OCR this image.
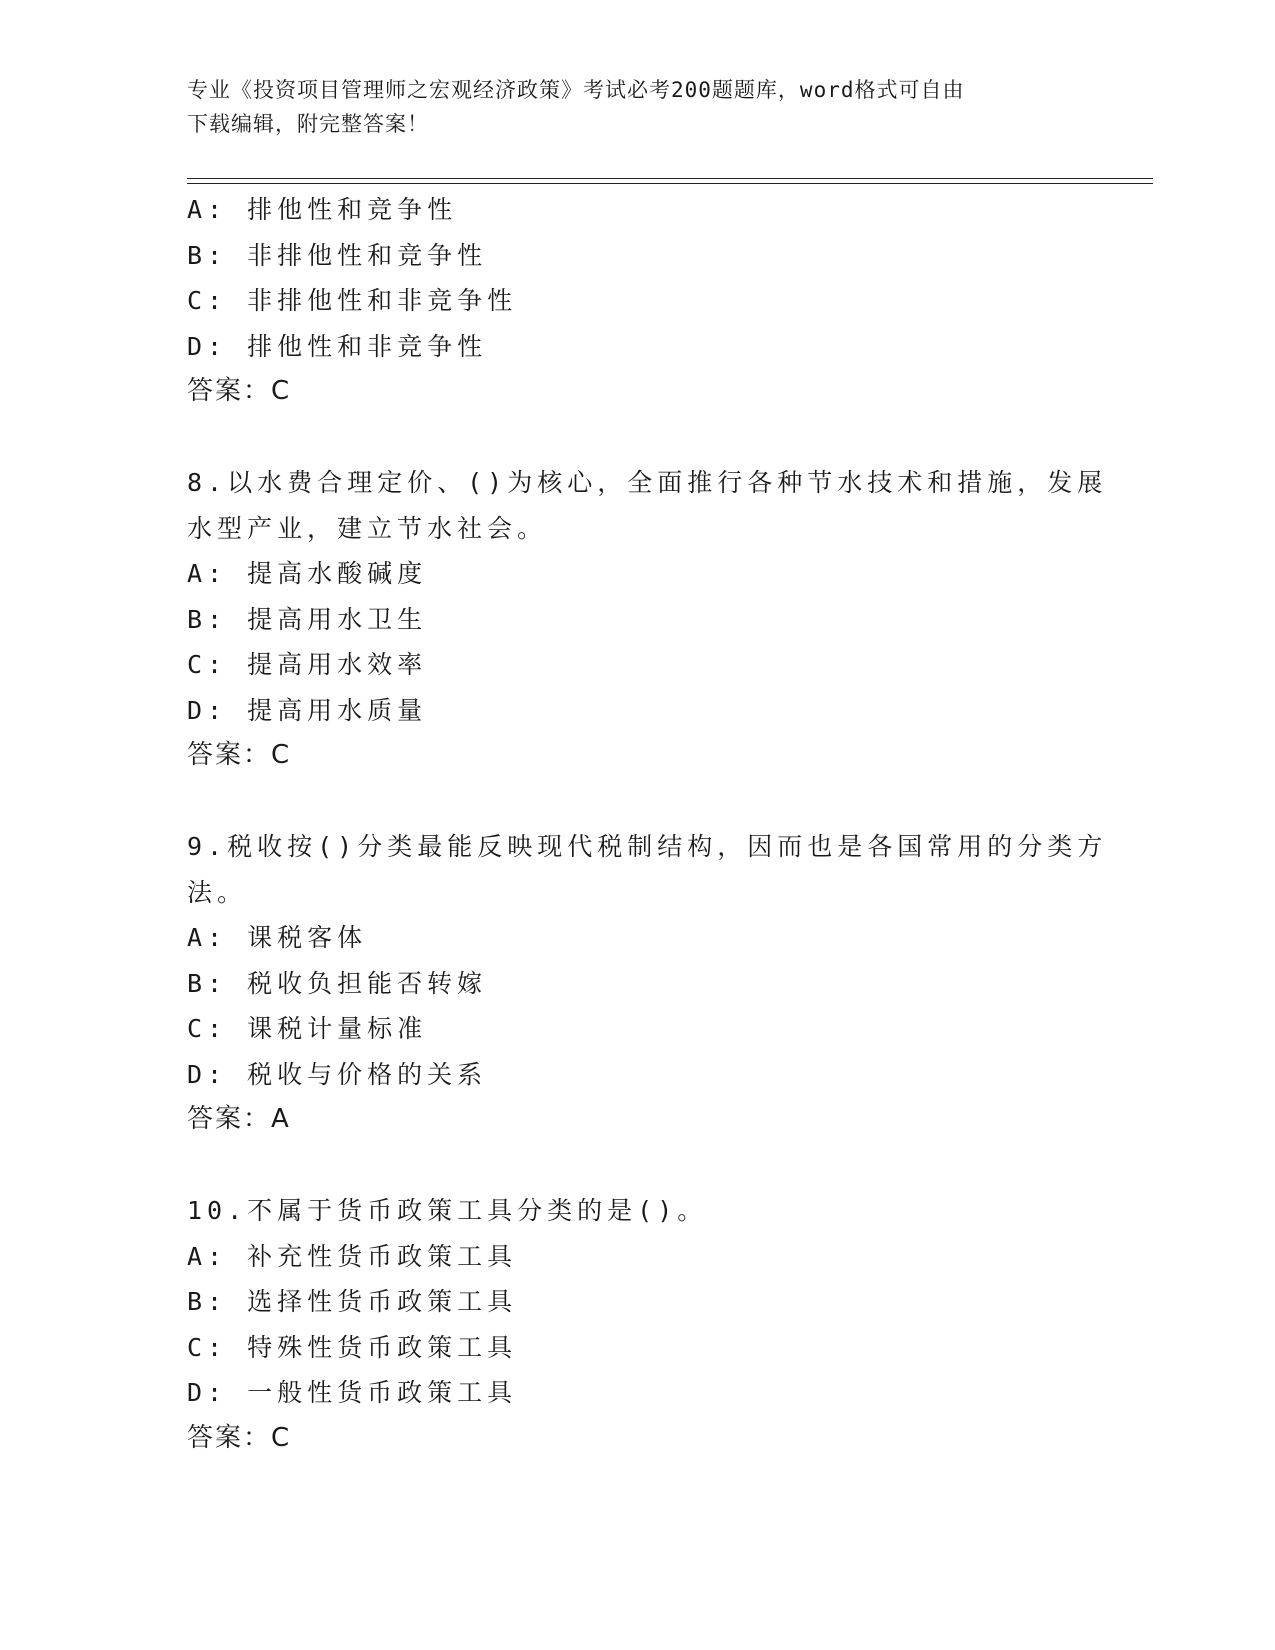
专业《投资项目管理师之宏观经济政策》考试必考200题题库，word格式可自由
下载编辑，附完整答案！
A: 排他性和竞争性
B: 非排他性和竞争性
C: 非排他性和非竞争性
D: 排他性和非竞争性
答案：C
8.以水费合理定价、()为核心，全面推行各种节水技术和措施，发展
水型产业，建立节水社会。
A: 提高水酸碱度
B: 提高用水卫生
C: 提高用水效率
D: 提高用水质量
答案：C
9.税收按()分类最能反映现代税制结构，因而也是各国常用的分类方
法。
A: 课税客体
B: 税收负担能否转嫁
C: 课税计量标准
D: 税收与价格的关系
答案：A
10.不属于货币政策工具分类的是()。
A: 补充性货币政策工具
B: 选择性货币政策工具
C: 特殊性货币政策工具
D: 一般性货币政策工具
答案：C
